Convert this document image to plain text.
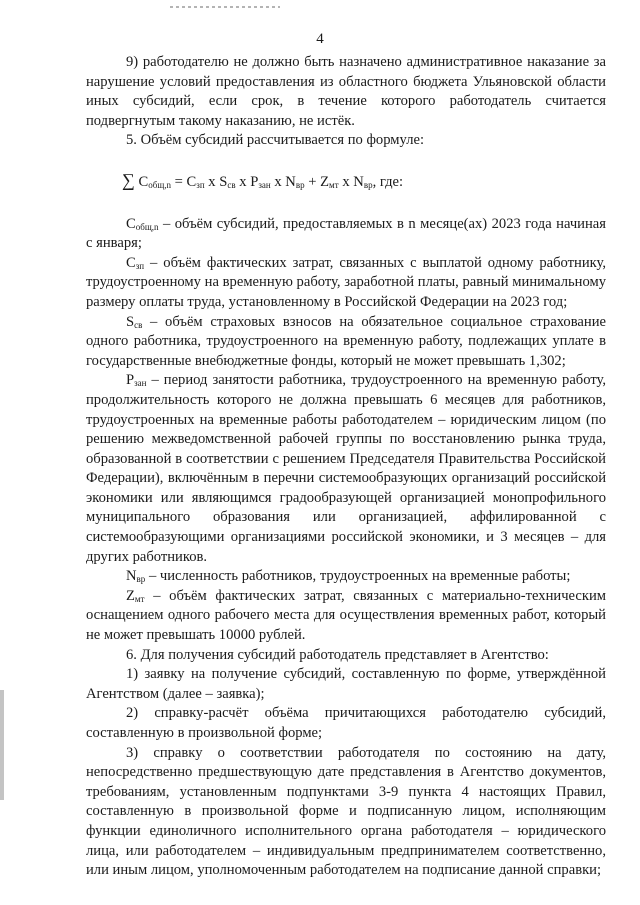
4

9) работодателю не должно быть назначено административное наказание за нарушение условий предоставления из областного бюджета Ульяновской области иных субсидий, если срок, в течение которого работодатель считается подвергнутым такому наказанию, не истёк.

5. Объём субсидий рассчитывается по формуле:

∑ $C_{общ,n} = C_{зп}$ x $S_{св}$ x $P_{зан}$ x $N_{вр} + Z_{мт}$ x $N_{вр}$, где:

$C_{общ,n}$ – объём субсидий, предоставляемых в n месяце(ах) 2023 года начиная с января;

$C_{зп}$ – объём фактических затрат, связанных с выплатой одному работнику, трудоустроенному на временную работу, заработной платы, равный минимальному размеру оплаты труда, установленному в Российской Федерации на 2023 год;

$S_{св}$ – объём страховых взносов на обязательное социальное страхование одного работника, трудоустроенного на временную работу, подлежащих уплате в государственные внебюджетные фонды, который не может превышать 1,302;

$P_{зан}$ – период занятости работника, трудоустроенного на временную работу, продолжительность которого не должна превышать 6 месяцев для работников, трудоустроенных на временные работы работодателем – юридическим лицом (по решению межведомственной рабочей группы по восстановлению рынка труда, образованной в соответствии с решением Председателя Правительства Российской Федерации), включённым в перечни системообразующих организаций российской экономики или являющимся градообразующей организацией монопрофильного муниципального образования или организацией, аффилированной с системообразующими организациями российской экономики, и 3 месяцев – для других работников.

$N_{вр}$ – численность работников, трудоустроенных на временные работы;

$Z_{мт}$ – объём фактических затрат, связанных с материально-техническим оснащением одного рабочего места для осуществления временных работ, который не может превышать 10000 рублей.

6. Для получения субсидий работодатель представляет в Агентство:

1) заявку на получение субсидий, составленную по форме, утверждённой Агентством (далее – заявка);

2) справку-расчёт объёма причитающихся работодателю субсидий, составленную в произвольной форме;

3) справку о соответствии работодателя по состоянию на дату, непосредственно предшествующую дате представления в Агентство документов, требованиям, установленным подпунктами 3-9 пункта 4 настоящих Правил, составленную в произвольной форме и подписанную лицом, исполняющим функции единоличного исполнительного органа работодателя – юридического лица, или работодателем – индивидуальным предпринимателем соответственно, или иным лицом, уполномоченным работодателем на подписание данной справки;
